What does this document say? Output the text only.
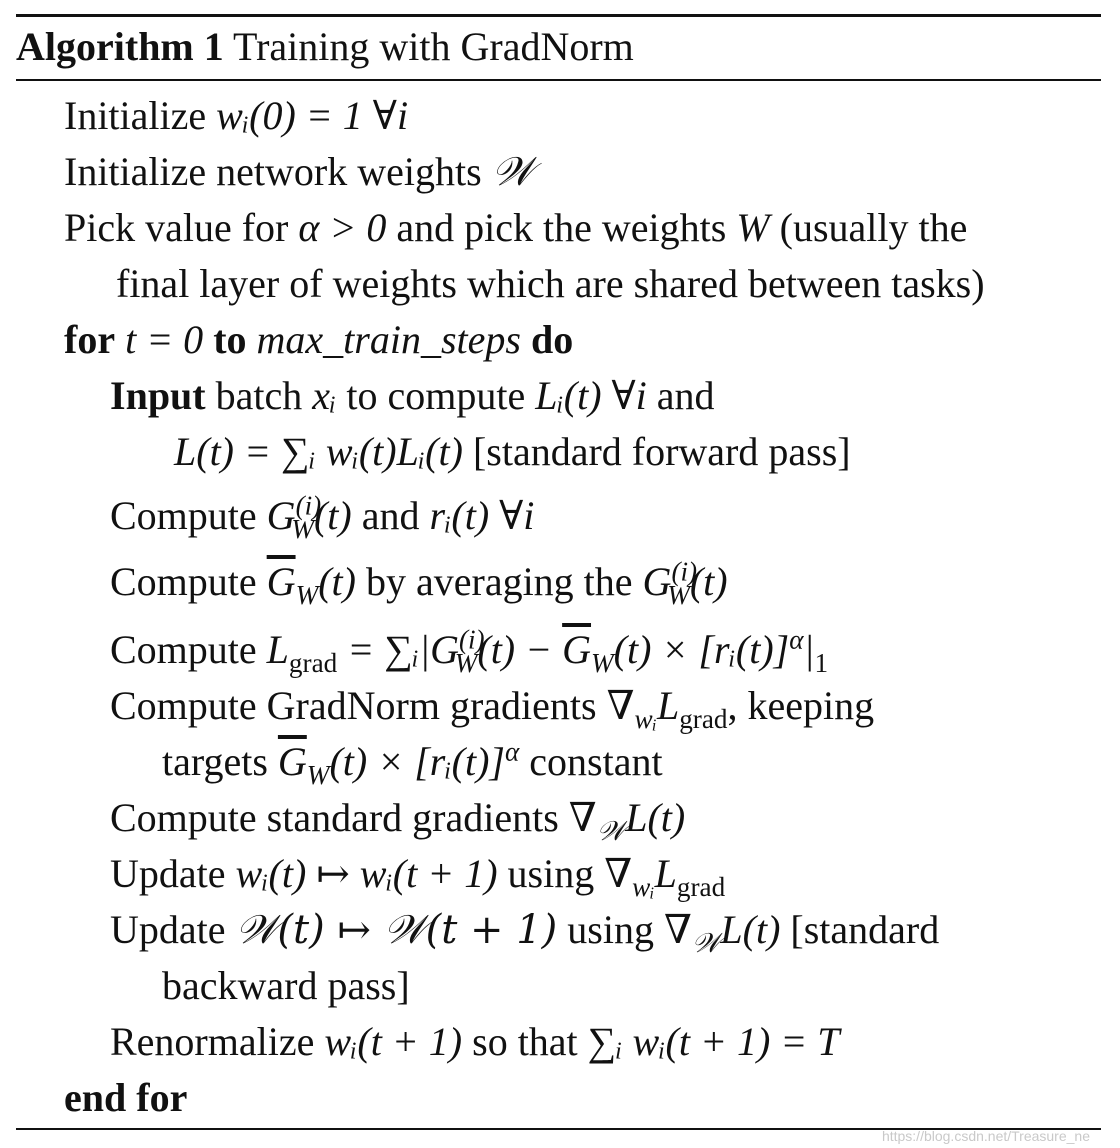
Algorithm 1 Training with GradNorm
Initialize wᵢ(0) = 1 ∀i
Initialize network weights 𝒲
Pick value for α > 0 and pick the weights W (usually the
final layer of weights which are shared between tasks)
for t = 0 to max_train_steps do
Input batch xᵢ to compute Lᵢ(t) ∀i and
L(t) = ∑ᵢ wᵢ(t)Lᵢ(t) [standard forward pass]
Compute $G^{(i)}_W(t)$ and rᵢ(t) ∀i
Compute $\overline{G}_W(t)$ by averaging the $G^{(i)}_W(t)$
Compute $L_{grad}$ = $\sum ᵢ|G^{(i)}_W(t) - \overline{G}_W(t)$ × $[rᵢ(t)]^\alpha|_1$
Compute GradNorm gradients $\nabla_{wᵢ}L_{grad}$, keeping
targets $\overline{G}_W(t)$ × [rᵢ(t)]$^\alpha$ constant
Compute standard gradients $\nabla_𝒲L(t)$
Update wᵢ(t) ↦ wᵢ(t + 1) using $\nabla_{wᵢ}L_{grad}$
Update 𝒲(t) ↦ 𝒲(t + 1) using $\nabla_𝒲L(t)$ [standard
backward pass]
Renormalize wᵢ(t + 1) so that ∑ᵢ wᵢ(t + 1) = T
end for
https://blog.csdn.net/Treasure_ne
